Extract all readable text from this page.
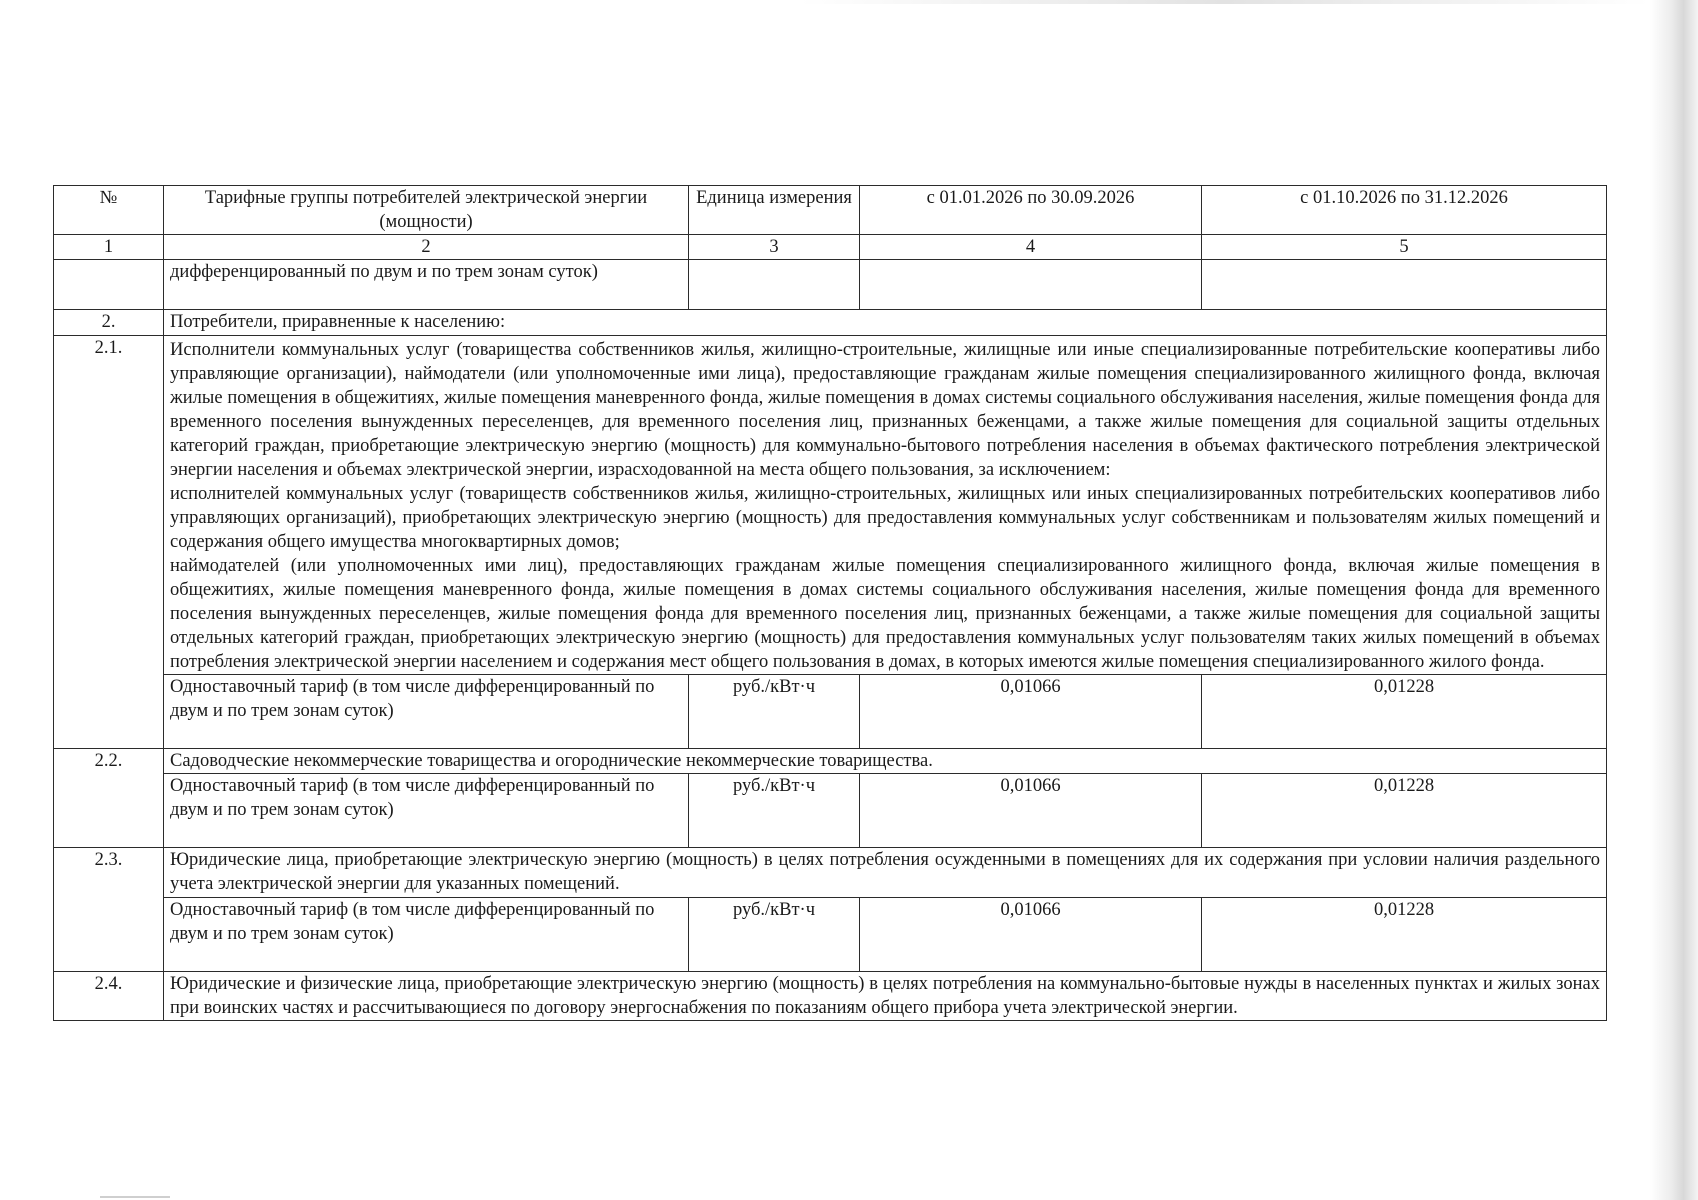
№	Тарифные группы потребителей электрической энергии (мощности)	Единица измерения	с 01.01.2026 по 30.09.2026	с 01.10.2026 по 31.12.2026
1	2	3	4	5
	дифференцированный по двум и по трем зонам суток)			
2.	Потребители, приравненные к населению:			
2.1.	Исполнители коммунальных услуг (товарищества собственников жилья, жилищно-строительные, жилищные или иные специализированные потребительские кооперативы либо управляющие организации), наймодатели (или уполномоченные ими лица), предоставляющие гражданам жилые помещения специализированного жилищного фонда, включая жилые помещения в общежитиях, жилые помещения маневренного фонда, жилые помещения в домах системы социального обслуживания населения, жилые помещения фонда для временного поселения вынужденных переселенцев, для временного поселения лиц, признанных беженцами, а также жилые помещения для социальной защиты отдельных категорий граждан, приобретающие электрическую энергию (мощность) для коммунально-бытового потребления населения в объемах фактического потребления электрической энергии населения и объемах электрической энергии, израсходованной на места общего пользования, за исключением:
исполнителей коммунальных услуг (товариществ собственников жилья, жилищно-строительных, жилищных или иных специализированных потребительских кооперативов либо управляющих организаций), приобретающих электрическую энергию (мощность) для предоставления коммунальных услуг собственникам и пользователям жилых помещений и содержания общего имущества многоквартирных домов;
наймодателей (или уполномоченных ими лиц), предоставляющих гражданам жилые помещения специализированного жилищного фонда, включая жилые помещения в общежитиях, жилые помещения маневренного фонда, жилые помещения в домах системы социального обслуживания населения, жилые помещения фонда для временного поселения вынужденных переселенцев, жилые помещения фонда для временного поселения лиц, признанных беженцами, а также жилые помещения для социальной защиты отдельных категорий граждан, приобретающих электрическую энергию (мощность) для предоставления коммунальных услуг пользователям таких жилых помещений в объемах потребления электрической энергии населением и содержания мест общего пользования в домах, в которых имеются жилые помещения специализированного жилого фонда.			

	Одноставочный тариф (в том числе дифференцированный по двум и по трем зонам суток)	руб./кВт·ч	0,01066	0,01228
2.2.	Садоводческие некоммерческие товарищества и огороднические некоммерческие товарищества.			
	Одноставочный тариф (в том числе дифференцированный по двум и по трем зонам суток)	руб./кВт·ч	0,01066	0,01228
2.3.	Юридические лица, приобретающие электрическую энергию (мощность) в целях потребления осужденными в помещениях для их содержания при условии наличия раздельного учета электрической энергии для указанных помещений.			
	Одноставочный тариф (в том числе дифференцированный по двум и по трем зонам суток)	руб./кВт·ч	0,01066	0,01228
2.4.	Юридические и физические лица, приобретающие электрическую энергию (мощность) в целях потребления на коммунально-бытовые нужды в населенных пунктах и жилых зонах при воинских частях и рассчитывающиеся по договору энергоснабжения по показаниям общего прибора учета электрической энергии.			
